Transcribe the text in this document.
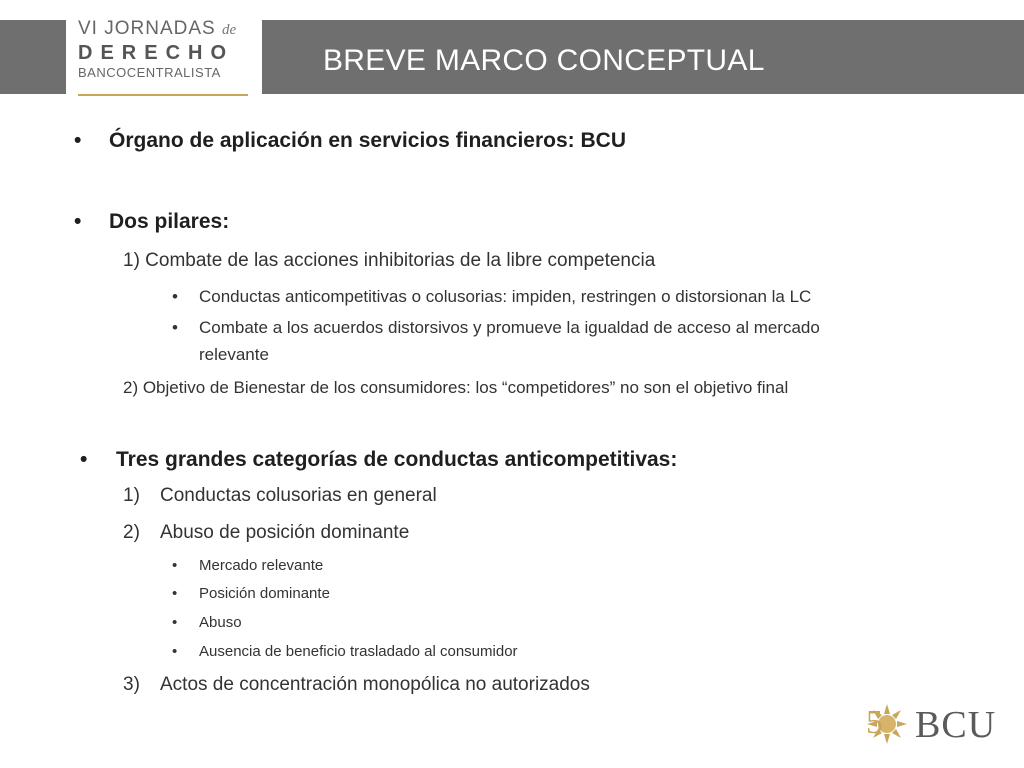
VI JORNADAS de
DERECHO
BANCOCENTRALISTA	BREVE MARCO CONCEPTUAL
• Órgano de aplicación en servicios financieros: BCU
• Dos pilares:
1) Combate de las acciones inhibitorias de la libre competencia
• Conductas anticompetitivas o colusorias: impiden, restringen o distorsionan la LC
• Combate a los acuerdos distorsivos y promueve la igualdad de acceso al mercado
relevante
2) Objetivo de Bienestar de los consumidores: los “competidores” no son el objetivo final
• Tres grandes categorías de conductas anticompetitivas:
1) Conductas colusorias en general
2) Abuso de posición dominante
• Mercado relevante
• Posición dominante
• Abuso
• Ausencia de beneficio trasladado al consumidor
3) Actos de concentración monopólica no autorizados
5 BCU
